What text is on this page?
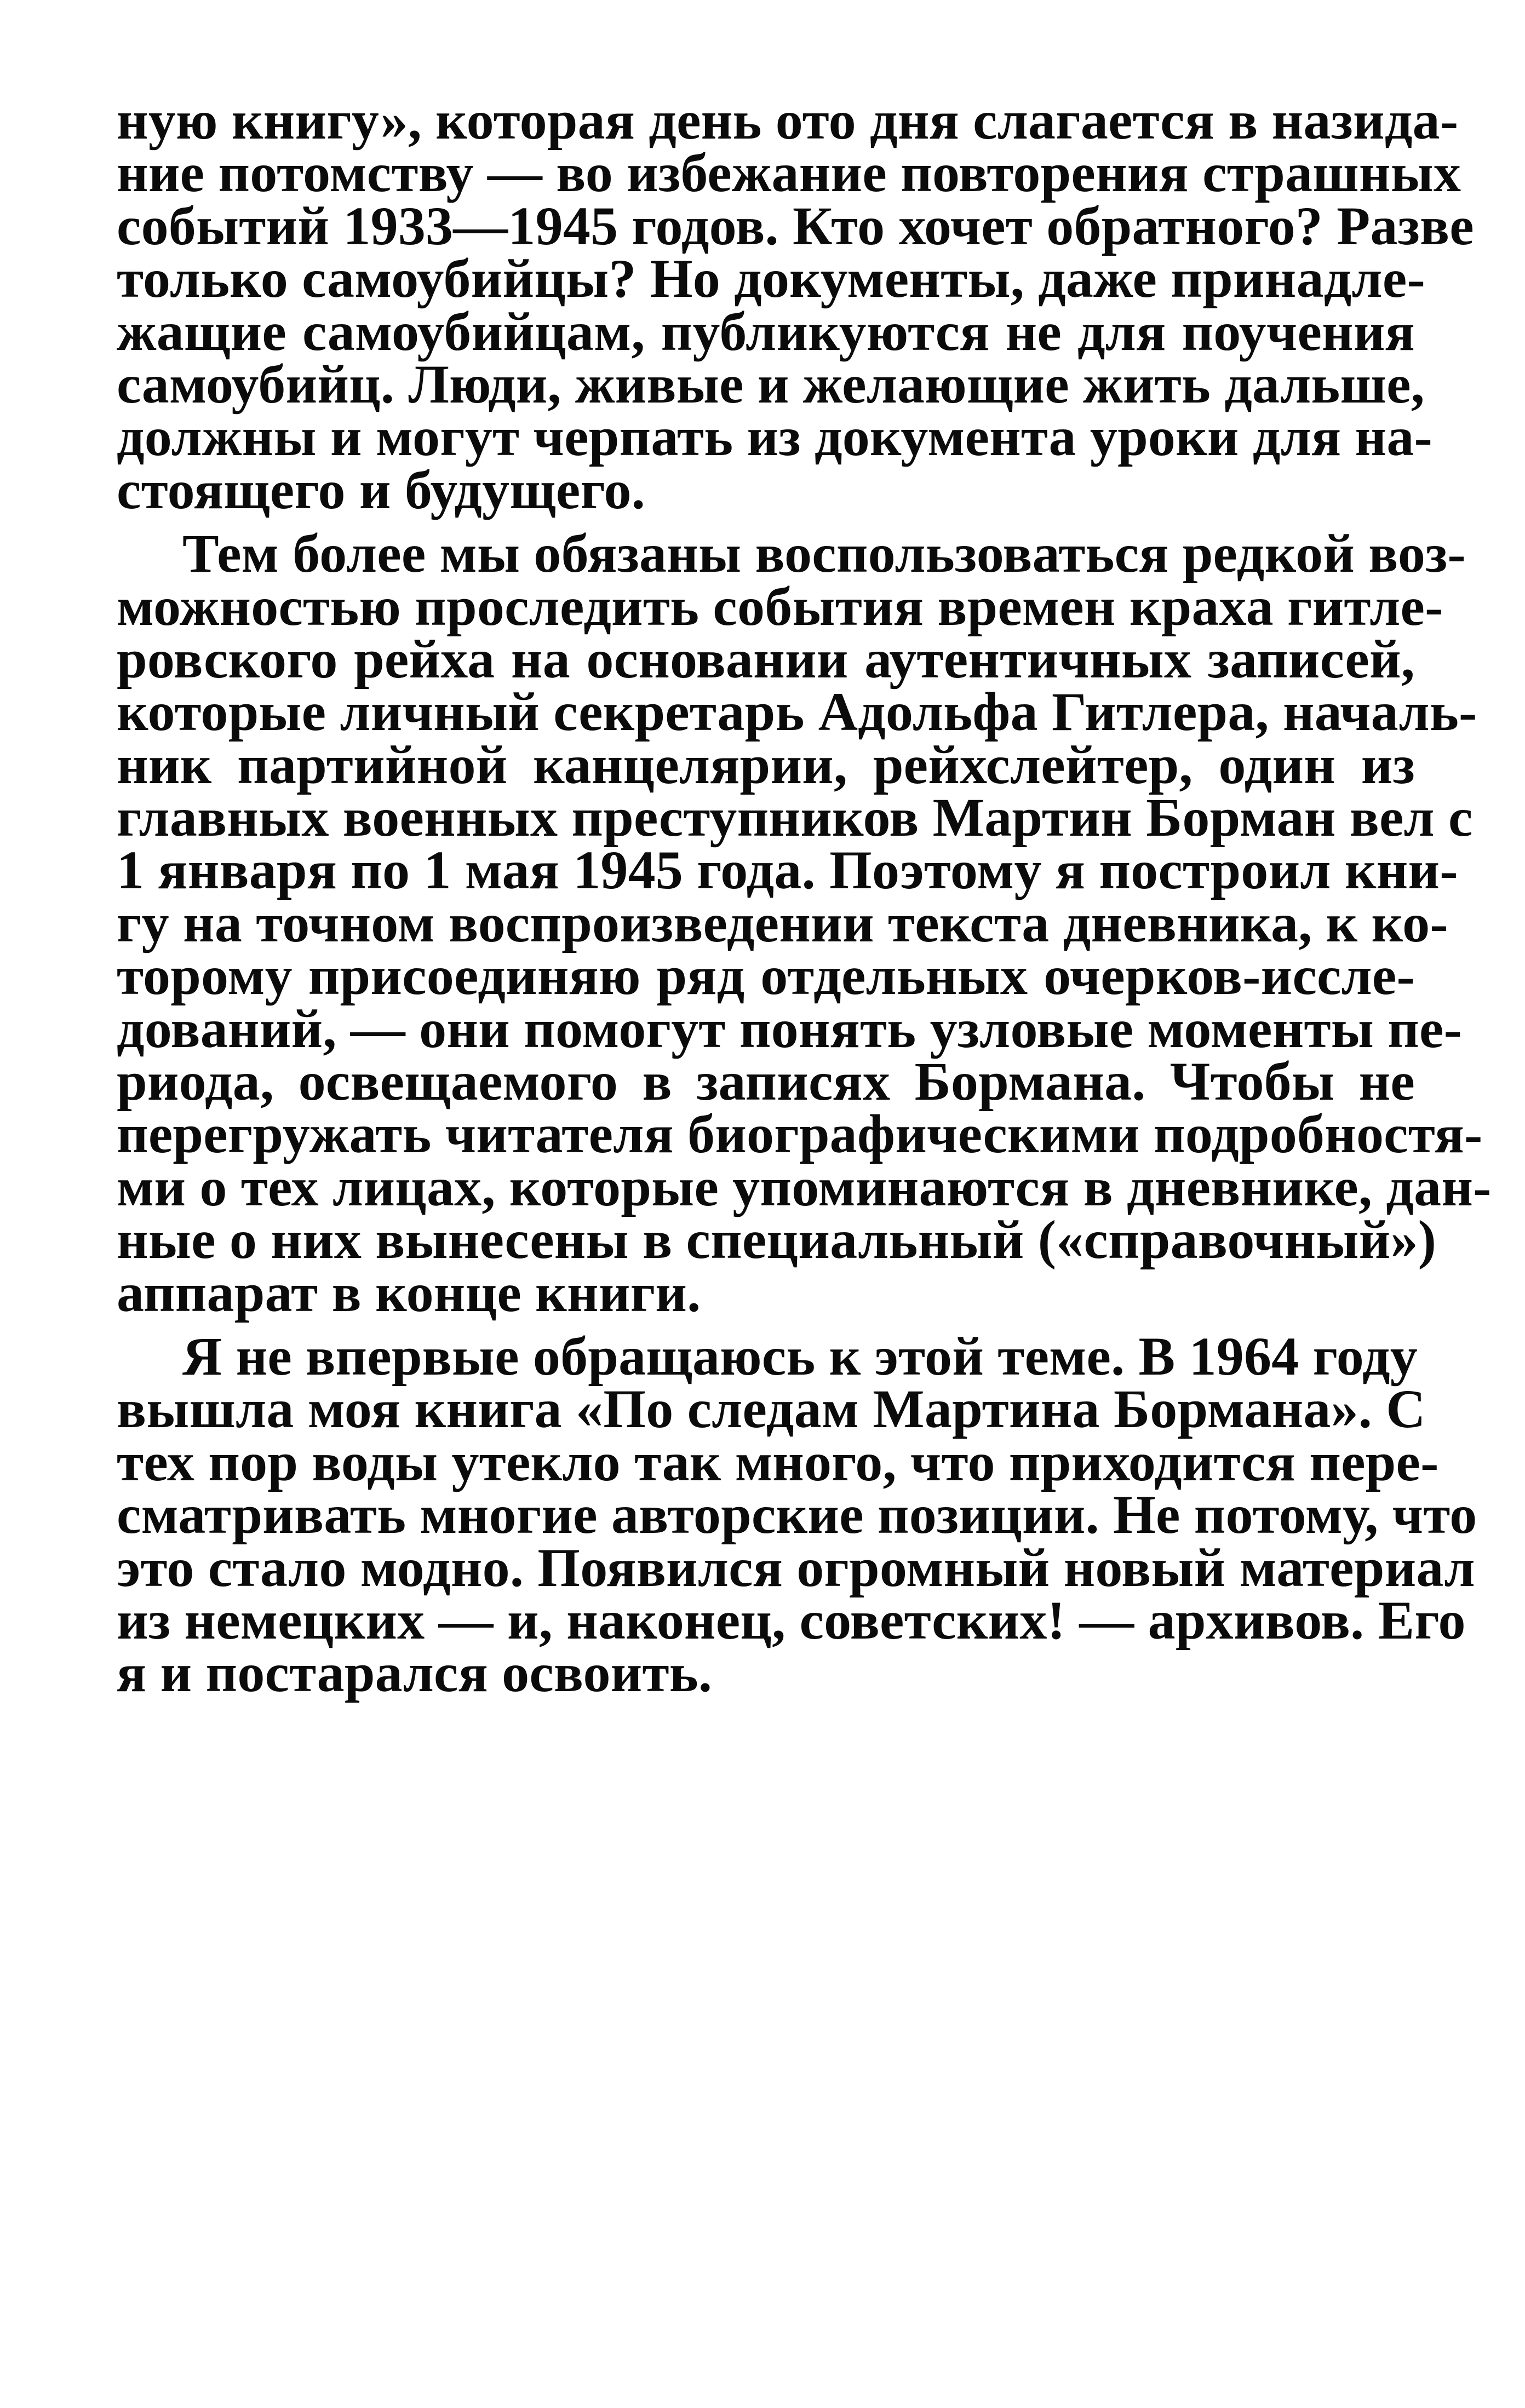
ную книгу», которая день ото дня слагается в назида-
ние потомству — во избежание повторения страшных
событий 1933—1945 годов. Кто хочет обратного? Разве
только самоубийцы? Но документы, даже принадле-
жащие самоубийцам, публикуются не для поучения
самоубийц. Люди, живые и желающие жить дальше,
должны и могут черпать из документа уроки для на-
стоящего и будущего.
Тем более мы обязаны воспользоваться редкой воз-
можностью проследить события времен краха гитле-
ровского рейха на основании аутентичных записей,
которые личный секретарь Адольфа Гитлера, началь-
ник партийной канцелярии, рейхслейтер, один из
главных военных преступников Мартин Борман вел с
1 января по 1 мая 1945 года. Поэтому я построил кни-
гу на точном воспроизведении текста дневника, к ко-
торому присоединяю ряд отдельных очерков-иссле-
дований, — они помогут понять узловые моменты пе-
риода, освещаемого в записях Бормана. Чтобы не
перегружать читателя биографическими подробностя-
ми о тех лицах, которые упоминаются в дневнике, дан-
ные о них вынесены в специальный («справочный»)
аппарат в конце книги.
Я не впервые обращаюсь к этой теме. В 1964 году
вышла моя книга «По следам Мартина Бормана». С
тех пор воды утекло так много, что приходится пере-
сматривать многие авторские позиции. Не потому, что
это стало модно. Появился огромный новый материал
из немецких — и, наконец, советских! — архивов. Его
я и постарался освоить.
